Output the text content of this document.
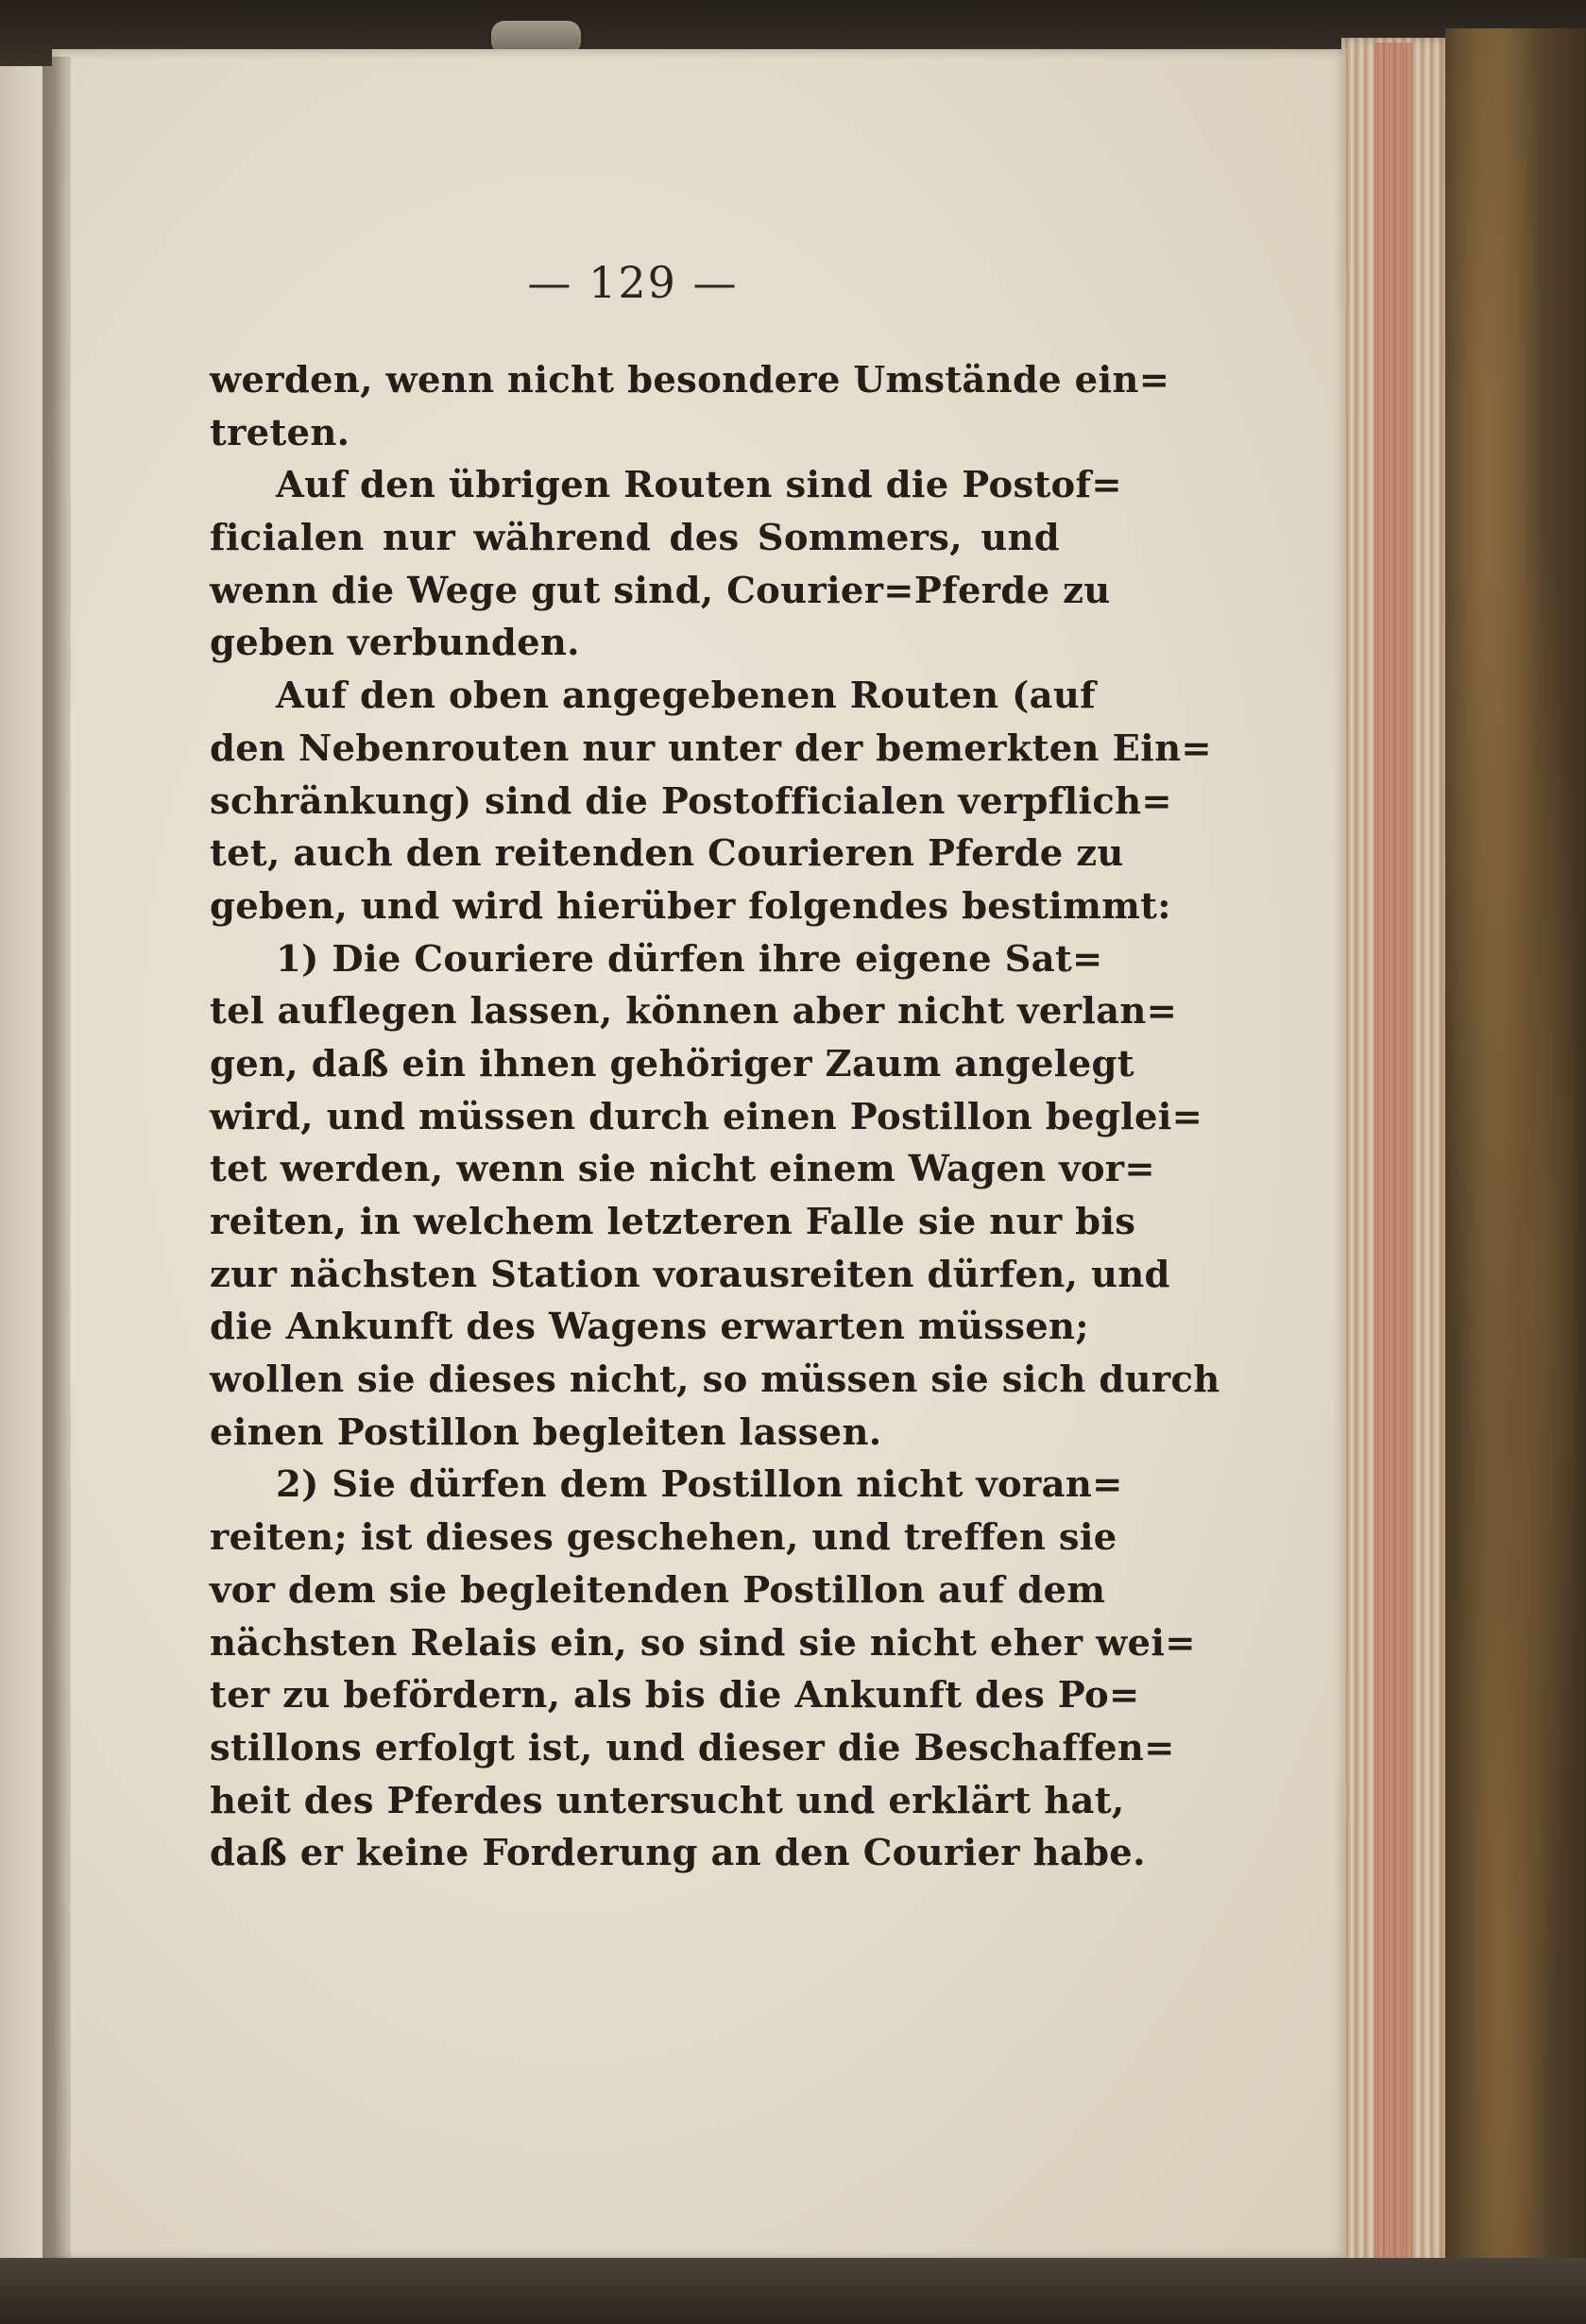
— 129 —
werden, wenn nicht besondere Umstände ein=
treten.
Auf den übrigen Routen sind die Postof=
ficialen nur während des Sommers, und
wenn die Wege gut sind, Courier=Pferde zu
geben verbunden.
Auf den oben angegebenen Routen (auf
den Nebenrouten nur unter der bemerkten Ein=
schränkung) sind die Postofficialen verpflich=
tet, auch den reitenden Courieren Pferde zu
geben, und wird hierüber folgendes bestimmt:
1) Die Couriere dürfen ihre eigene Sat=
tel auflegen lassen, können aber nicht verlan=
gen, daß ein ihnen gehöriger Zaum angelegt
wird, und müssen durch einen Postillon beglei=
tet werden, wenn sie nicht einem Wagen vor=
reiten, in welchem letzteren Falle sie nur bis
zur nächsten Station vorausreiten dürfen, und
die Ankunft des Wagens erwarten müssen;
wollen sie dieses nicht, so müssen sie sich durch
einen Postillon begleiten lassen.
2) Sie dürfen dem Postillon nicht voran=
reiten; ist dieses geschehen, und treffen sie
vor dem sie begleitenden Postillon auf dem
nächsten Relais ein, so sind sie nicht eher wei=
ter zu befördern, als bis die Ankunft des Po=
stillons erfolgt ist, und dieser die Beschaffen=
heit des Pferdes untersucht und erklärt hat,
daß er keine Forderung an den Courier habe.
